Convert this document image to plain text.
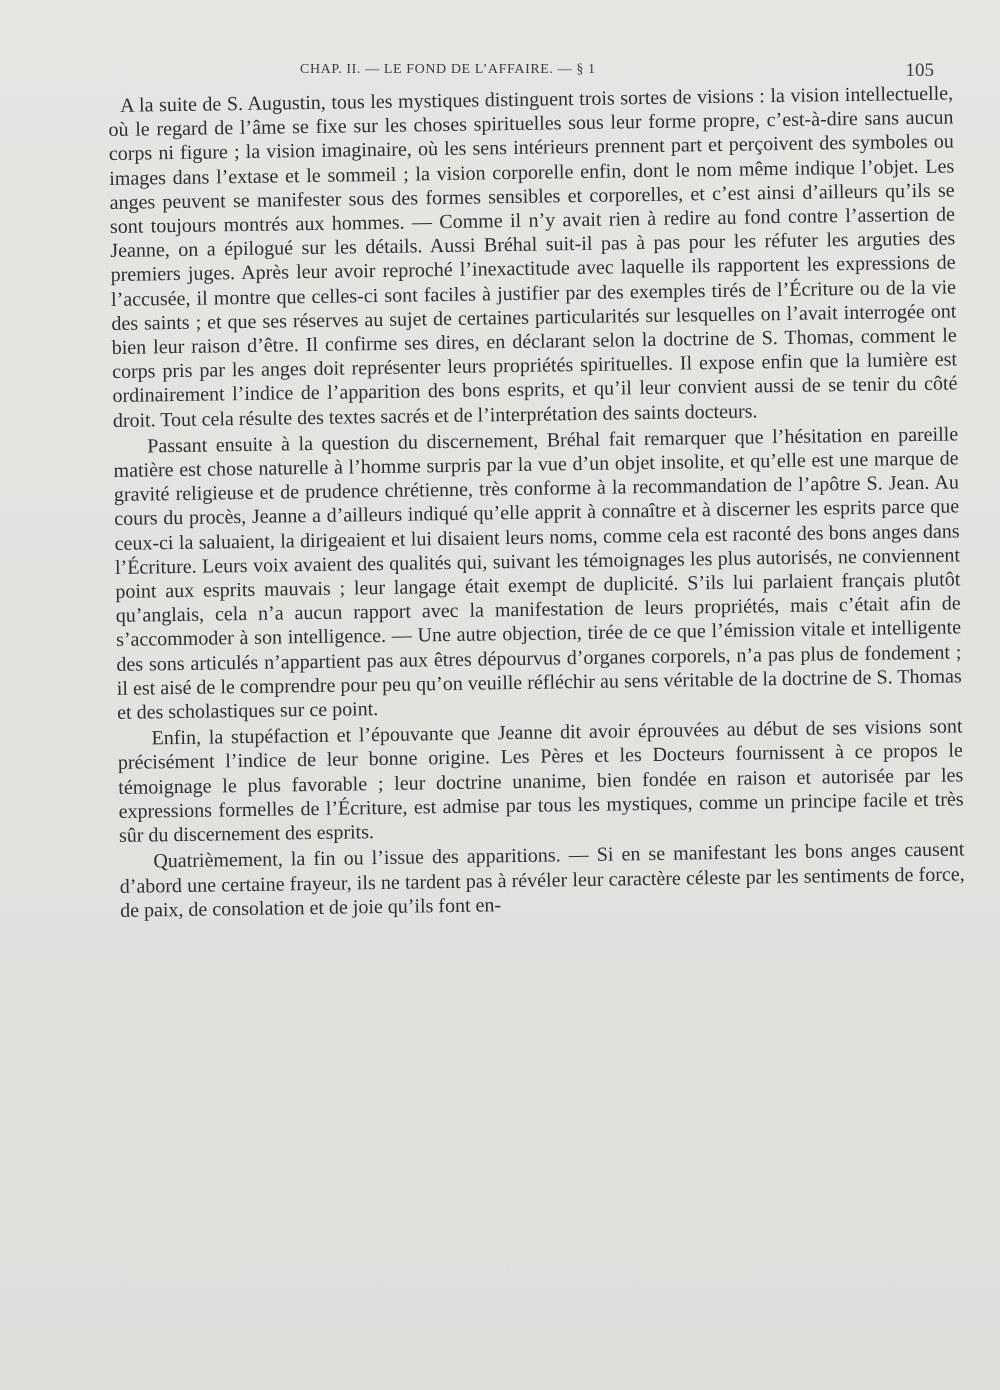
CHAP. II. — LE FOND DE L’AFFAIRE. — § 1	105

A la suite de S. Augustin, tous les mystiques distinguent trois sortes de visions : la vision intellectuelle, où le regard de l’âme se fixe sur les choses spirituelles sous leur forme propre, c’est-à-dire sans aucun corps ni figure ; la vision imaginaire, où les sens intérieurs prennent part et perçoivent des symboles ou images dans l’extase et le sommeil ; la vision corporelle enfin, dont le nom même indique l’objet. Les anges peuvent se manifester sous des formes sensibles et corporelles, et c’est ainsi d’ailleurs qu’ils se sont toujours montrés aux hommes. — Comme il n’y avait rien à redire au fond contre l’assertion de Jeanne, on a épilogué sur les détails. Aussi Bréhal suit-il pas à pas pour les réfuter les arguties des premiers juges. Après leur avoir reproché l’inexactitude avec laquelle ils rapportent les expressions de l’accusée, il montre que celles-ci sont faciles à justifier par des exemples tirés de l’Écriture ou de la vie des saints ; et que ses réserves au sujet de certaines particularités sur lesquelles on l’avait interrogée ont bien leur raison d’être. Il confirme ses dires, en déclarant selon la doctrine de S. Thomas, comment le corps pris par les anges doit représenter leurs propriétés spirituelles. Il expose enfin que la lumière est ordinairement l’indice de l’apparition des bons esprits, et qu’il leur convient aussi de se tenir du côté droit. Tout cela résulte des textes sacrés et de l’interprétation des saints docteurs.

Passant ensuite à la question du discernement, Bréhal fait remarquer que l’hésitation en pareille matière est chose naturelle à l’homme surpris par la vue d’un objet insolite, et qu’elle est une marque de gravité religieuse et de prudence chrétienne, très conforme à la recommandation de l’apôtre S. Jean. Au cours du procès, Jeanne a d’ailleurs indiqué qu’elle apprit à connaître et à discerner les esprits parce que ceux-ci la saluaient, la dirigeaient et lui disaient leurs noms, comme cela est raconté des bons anges dans l’Écriture. Leurs voix avaient des qualités qui, suivant les témoignages les plus autorisés, ne conviennent point aux esprits mauvais ; leur langage était exempt de duplicité. S’ils lui parlaient français plutôt qu’anglais, cela n’a aucun rapport avec la manifestation de leurs propriétés, mais c’était afin de s’accommoder à son intelligence. — Une autre objection, tirée de ce que l’émission vitale et intelligente des sons articulés n’appartient pas aux êtres dépourvus d’organes corporels, n’a pas plus de fondement ; il est aisé de le comprendre pour peu qu’on veuille réfléchir au sens véritable de la doctrine de S. Thomas et des scholastiques sur ce point.

Enfin, la stupéfaction et l’épouvante que Jeanne dit avoir éprouvées au début de ses visions sont précisément l’indice de leur bonne origine. Les Pères et les Docteurs fournissent à ce propos le témoignage le plus favorable ; leur doctrine unanime, bien fondée en raison et autorisée par les expressions formelles de l’Écriture, est admise par tous les mystiques, comme un principe facile et très sûr du discernement des esprits.

Quatrièmement, la fin ou l’issue des apparitions. — Si en se manifestant les bons anges causent d’abord une certaine frayeur, ils ne tardent pas à révéler leur caractère céleste par les sentiments de force, de paix, de consolation et de joie qu’ils font en-
